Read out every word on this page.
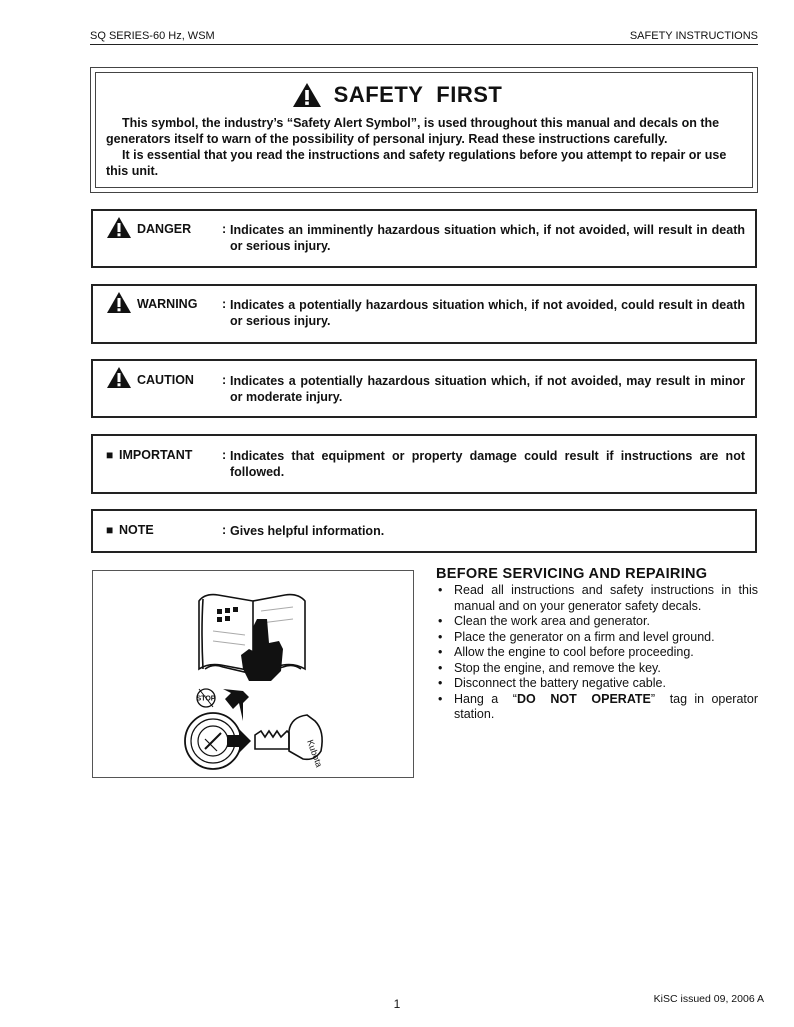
SQ SERIES-60 Hz, WSM	SAFETY INSTRUCTIONS
SAFETY  FIRST
This symbol, the industry’s “Safety Alert Symbol”, is used throughout this manual and decals on the generators itself to warn of the possibility of personal injury. Read these instructions carefully.
It is essential that you read the instructions and safety regulations before you attempt to repair or use this unit.
DANGER : Indicates an imminently hazardous situation which, if not avoided, will result in death or serious injury.
WARNING : Indicates a potentially hazardous situation which, if not avoided, could result in death or serious injury.
CAUTION : Indicates a potentially hazardous situation which, if not avoided, may result in minor or moderate injury.
■ IMPORTANT : Indicates that equipment or property damage could result if instructions are not followed.
■ NOTE	: Gives helpful information.
STOP
Kubota
BEFORE SERVICING AND REPAIRING
• Read all instructions and safety instructions in this manual and on your generator safety decals.
• Clean the work area and generator.
• Place the generator on a firm and level ground.
• Allow the engine to cool before proceeding.
• Stop the engine, and remove the key.
• Disconnect the battery negative cable.
• Hang a  “DO  NOT  OPERATE”  tag in operator station.
1	KiSC issued 09, 2006 A
